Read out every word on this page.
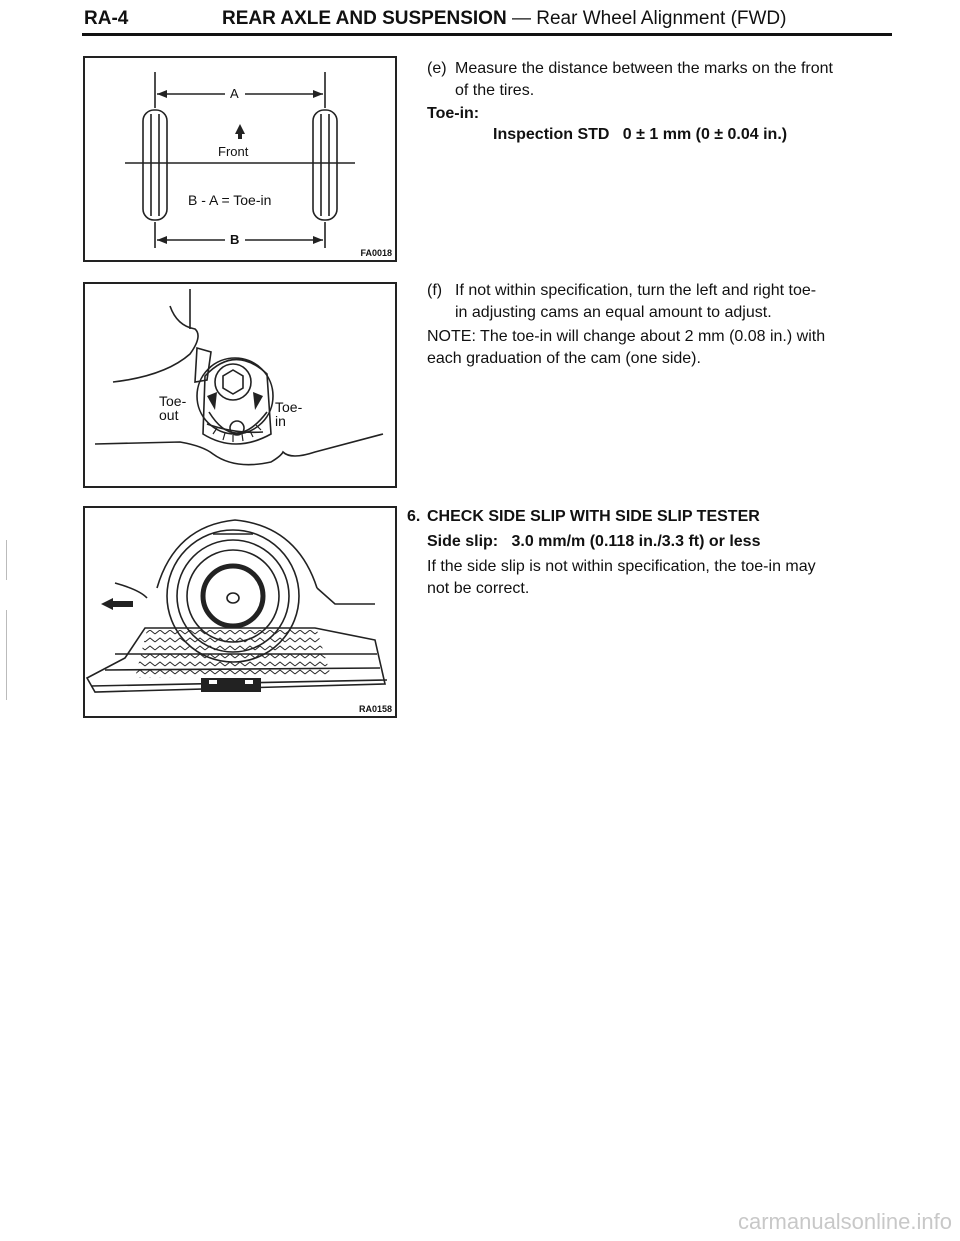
RA-4	REAR AXLE AND SUSPENSION — Rear Wheel Alignment (FWD)
A
Front
B - A = Toe-in
B
FA0018
Toe-
out	Toe-
in
RA0158
(e) Measure the distance between the marks on the front
of the tires.
Toe-in:
Inspection STD 0 ± 1 mm (0 ± 0.04 in.)
(f) If not within specification, turn the left and right toe-
in adjusting cams an equal amount to adjust.
NOTE: The toe-in will change about 2 mm (0.08 in.) with
each graduation of the cam (one side).
6. CHECK SIDE SLIP WITH SIDE SLIP TESTER
Side slip: 3.0 mm/m (0.118 in./3.3 ft) or less
If the side slip is not within specification, the toe-in may
not be correct.
carmanualsonline.info
